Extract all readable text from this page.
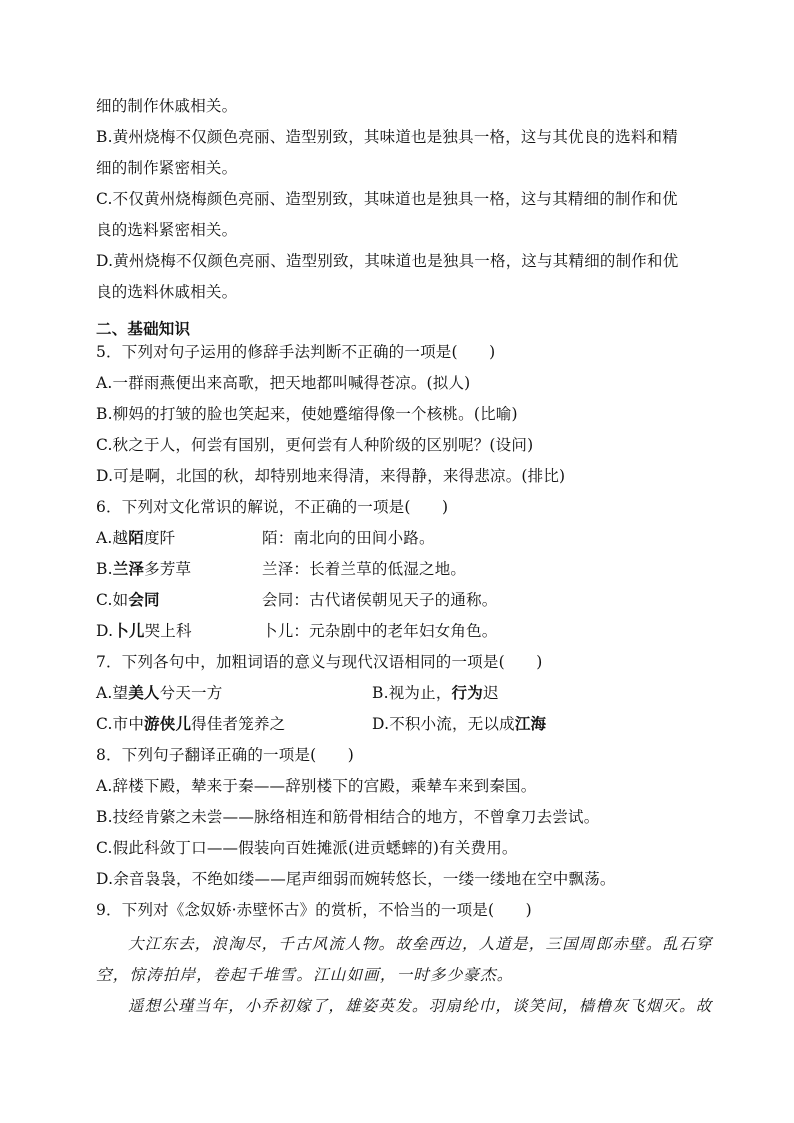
细的制作休戚相关。
B.黄州烧梅不仅颜色亮丽、造型别致，其味道也是独具一格，这与其优良的选料和精
细的制作紧密相关。
C.不仅黄州烧梅颜色亮丽、造型别致，其味道也是独具一格，这与其精细的制作和优
良的选料紧密相关。
D.黄州烧梅不仅颜色亮丽、造型别致，其味道也是独具一格，这与其精细的制作和优
良的选料休戚相关。
二、基础知识
5．下列对句子运用的修辞手法判断不正确的一项是(　　)
A.一群雨燕便出来高歌，把天地都叫喊得苍凉。(拟人)
B.柳妈的打皱的脸也笑起来，使她蹙缩得像一个核桃。(比喻)
C.秋之于人，何尝有国别，更何尝有人种阶级的区别呢？(设问)
D.可是啊，北国的秋，却特别地来得清，来得静，来得悲凉。(排比)
6．下列对文化常识的解说，不正确的一项是(　　)
A.越陌度阡	陌：南北向的田间小路。
B.兰泽多芳草	兰泽：长着兰草的低湿之地。
C.如会同	会同：古代诸侯朝见天子的通称。
D.卜儿哭上科	卜儿：元杂剧中的老年妇女角色。
7．下列各句中，加粗词语的意义与现代汉语相同的一项是(　　)
A.望美人兮天一方	B.视为止，行为迟
C.市中游侠儿得佳者笼养之	D.不积小流，无以成江海
8．下列句子翻译正确的一项是(　　)
A.辞楼下殿，辇来于秦——辞别楼下的宫殿，乘辇车来到秦国。
B.技经肯綮之未尝——脉络相连和筋骨相结合的地方，不曾拿刀去尝试。
C.假此科敛丁口——假装向百姓摊派(进贡蟋蟀的)有关费用。
D.余音袅袅，不绝如缕——尾声细弱而婉转悠长，一缕一缕地在空中飘荡。
9．下列对《念奴娇·赤壁怀古》的赏析，不恰当的一项是(　　)
大江东去，浪淘尽，千古风流人物。故垒西边，人道是，三国周郎赤壁。乱石穿
空，惊涛拍岸，卷起千堆雪。江山如画，一时多少豪杰。
遥想公瑾当年，小乔初嫁了，雄姿英发。羽扇纶巾，谈笑间，樯橹灰飞烟灭。故
